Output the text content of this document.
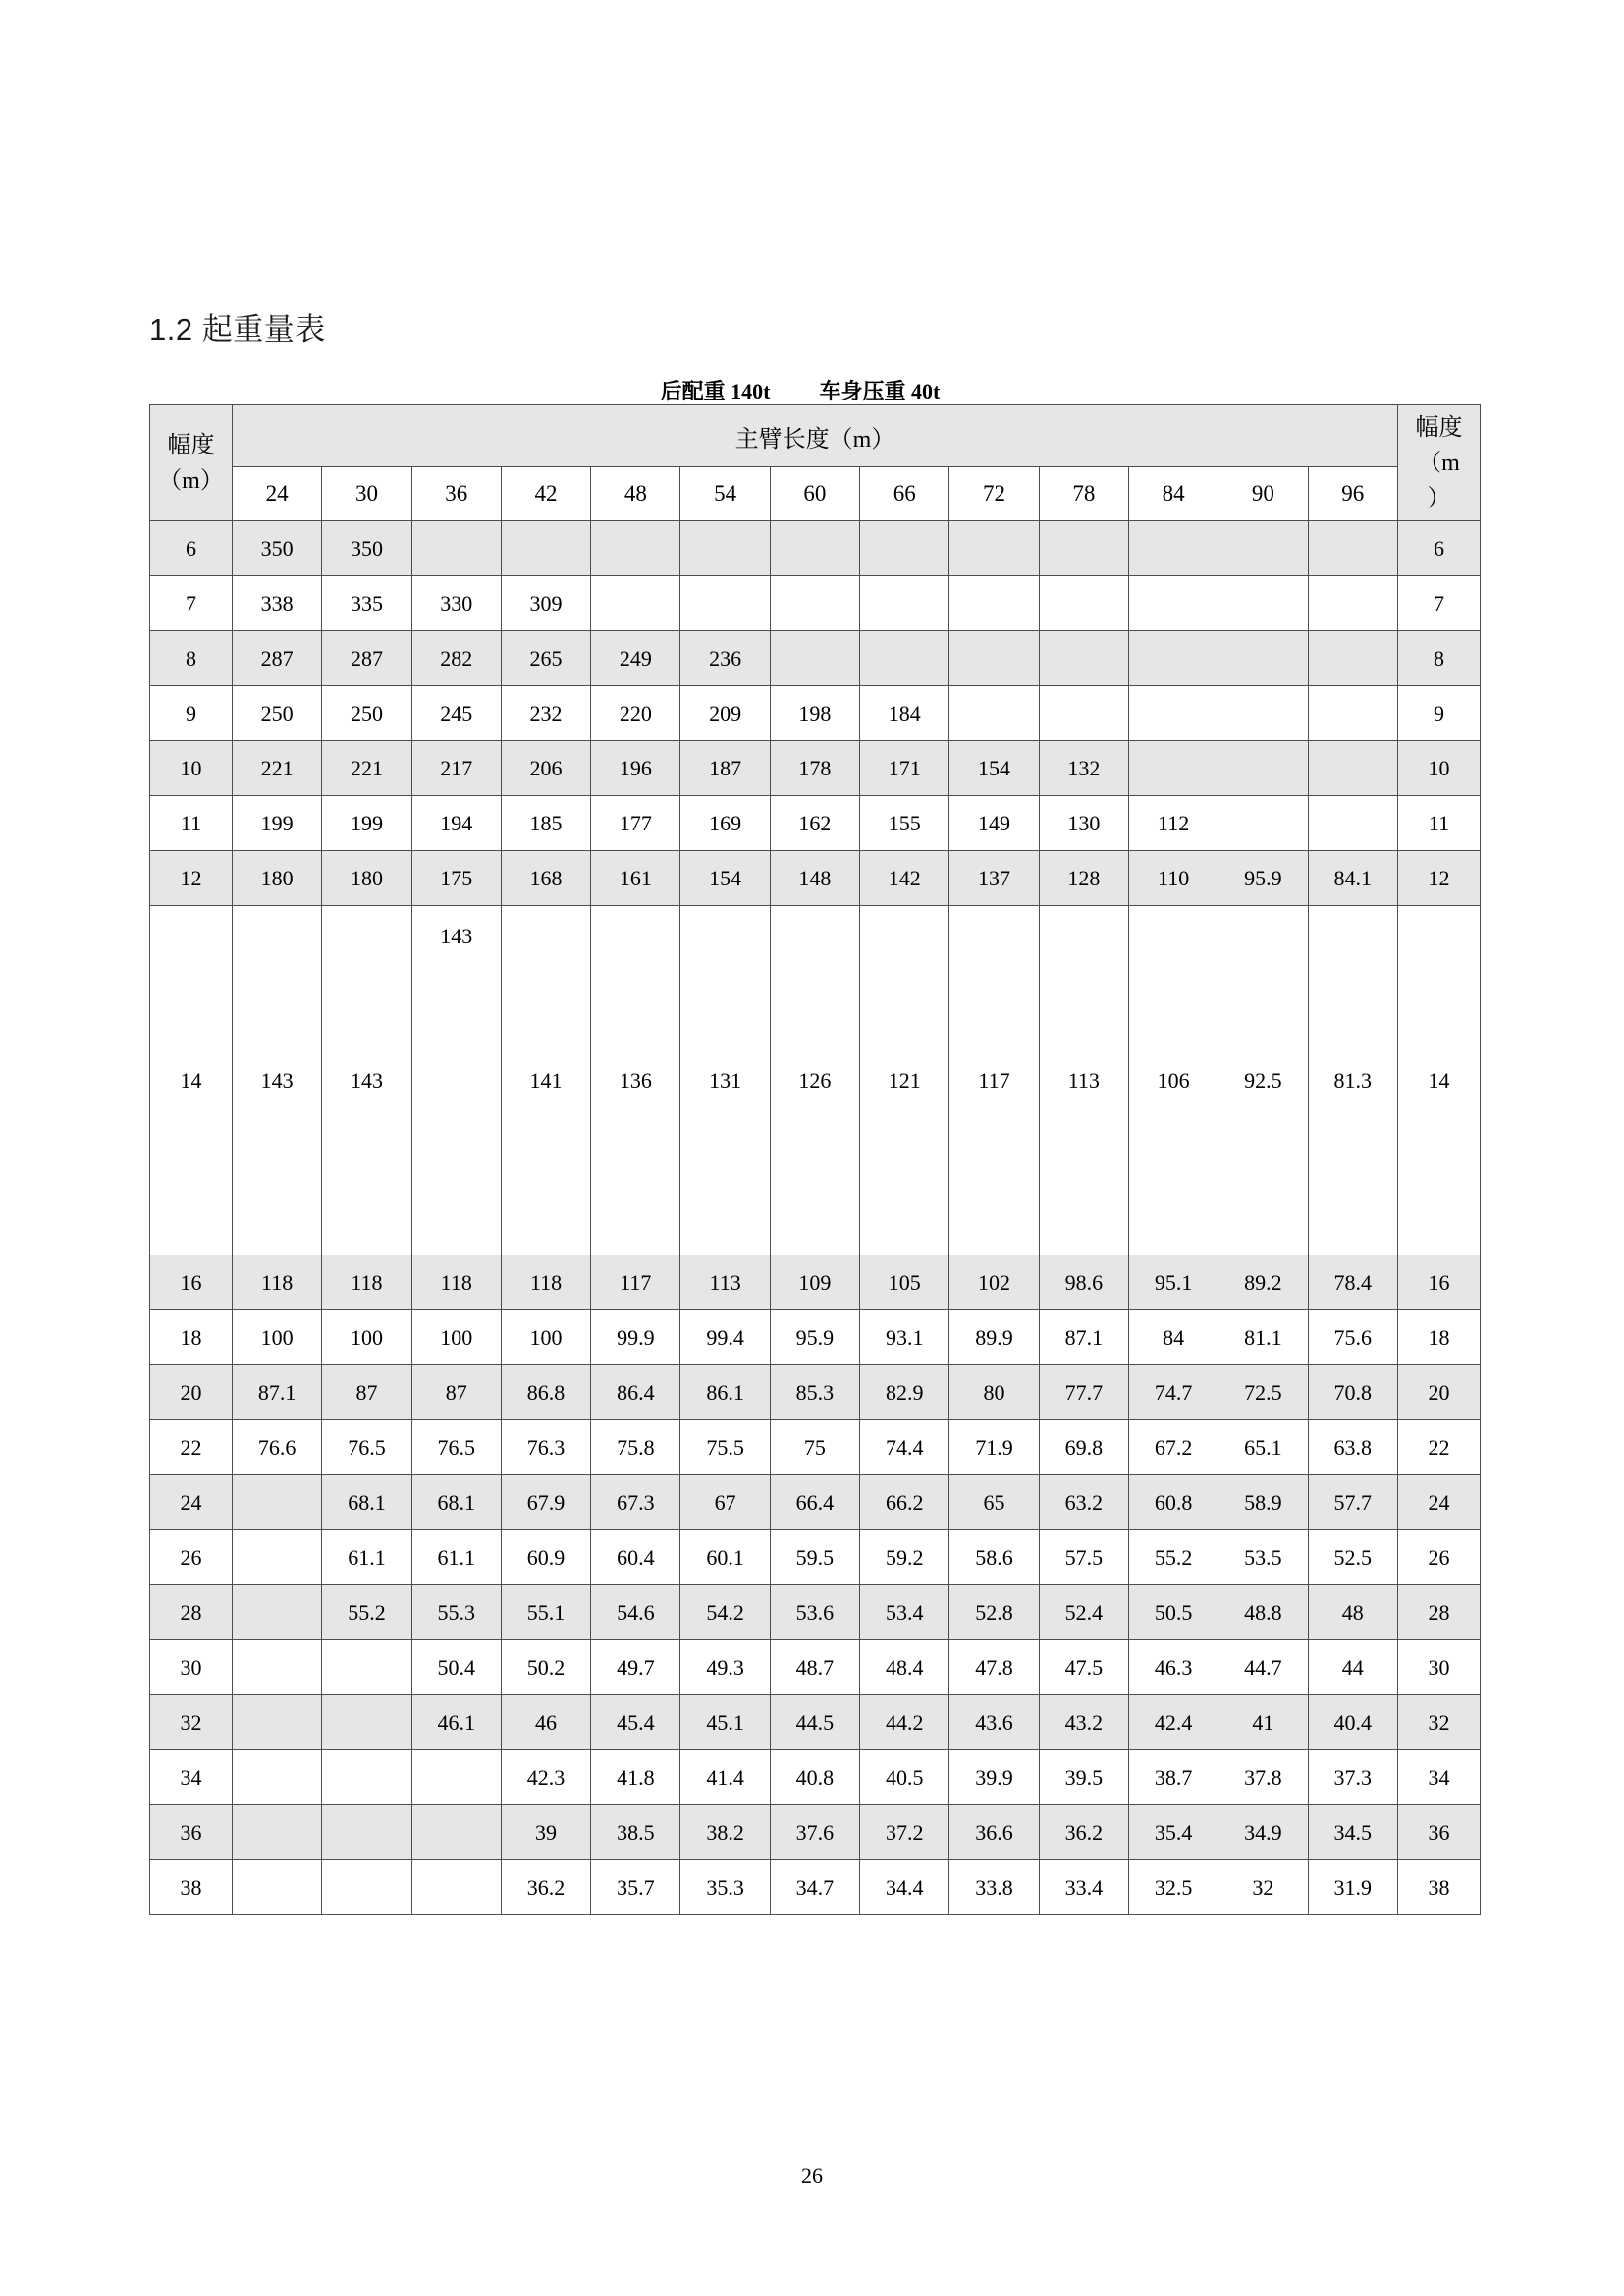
1.2 起重量表
后配重 140t 车身压重 40t
幅度
（m）
	主臂长度（m）	幅度
（m
）

	24	30	36	42	48	54	60	66	72	78	84	90	96	
6	350	350												6
7	338	335	330	309										7
8	287	287	282	265	249	236								8
9	250	250	245	232	220	209	198	184						9
10	221	221	217	206	196	187	178	171	154	132				10
11	199	199	194	185	177	169	162	155	149	130	112			11
12	180	180	175	168	161	154	148	142	137	128	110	95.9	84.1	12
14	143	143	143	141	136	131	126	121	117	113	106	92.5	81.3	14
16	118	118	118	118	117	113	109	105	102	98.6	95.1	89.2	78.4	16
18	100	100	100	100	99.9	99.4	95.9	93.1	89.9	87.1	84	81.1	75.6	18
20	87.1	87	87	86.8	86.4	86.1	85.3	82.9	80	77.7	74.7	72.5	70.8	20
22	76.6	76.5	76.5	76.3	75.8	75.5	75	74.4	71.9	69.8	67.2	65.1	63.8	22
24		68.1	68.1	67.9	67.3	67	66.4	66.2	65	63.2	60.8	58.9	57.7	24
26		61.1	61.1	60.9	60.4	60.1	59.5	59.2	58.6	57.5	55.2	53.5	52.5	26
28		55.2	55.3	55.1	54.6	54.2	53.6	53.4	52.8	52.4	50.5	48.8	48	28
30			50.4	50.2	49.7	49.3	48.7	48.4	47.8	47.5	46.3	44.7	44	30
32			46.1	46	45.4	45.1	44.5	44.2	43.6	43.2	42.4	41	40.4	32
34				42.3	41.8	41.4	40.8	40.5	39.9	39.5	38.7	37.8	37.3	34
36				39	38.5	38.2	37.6	37.2	36.6	36.2	35.4	34.9	34.5	36
38				36.2	35.7	35.3	34.7	34.4	33.8	33.4	32.5	32	31.9	38
26
